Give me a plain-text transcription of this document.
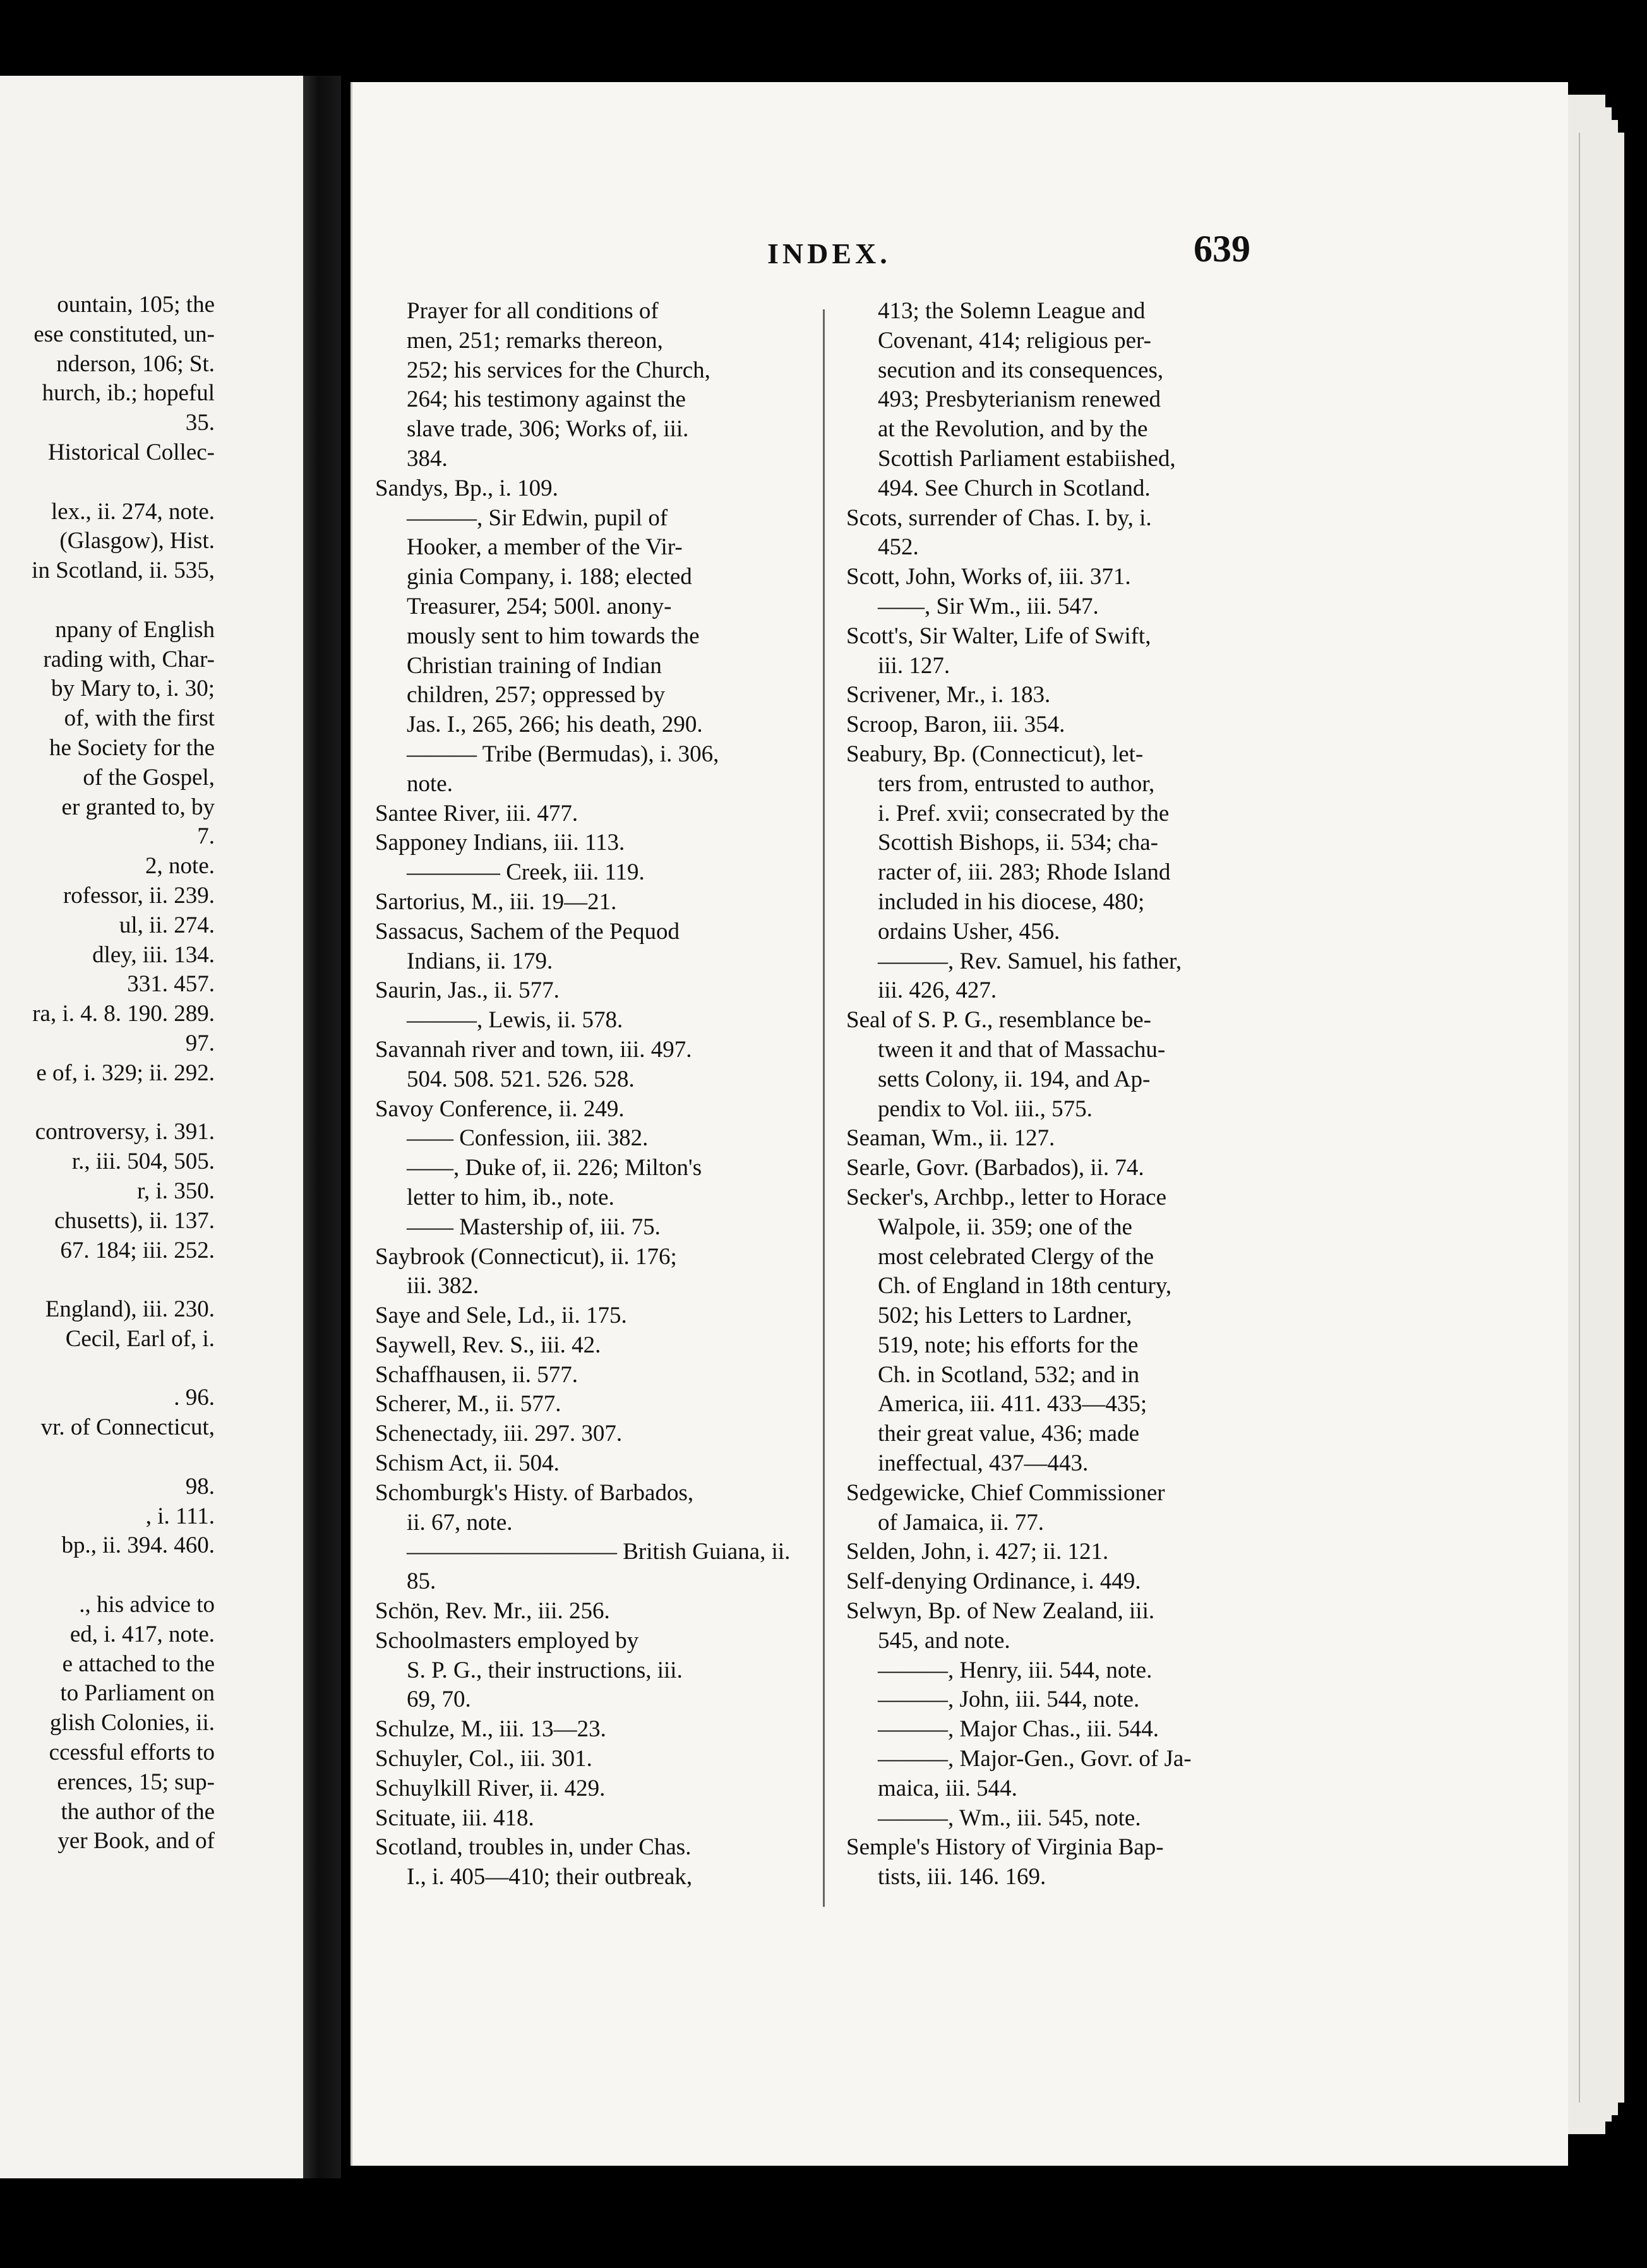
ountain, 105; the
ese constituted, un-
nderson, 106; St.
hurch, ib.; hopeful
35.
Historical Collec-
lex., ii. 274, note.
(Glasgow), Hist.
in Scotland, ii. 535,
npany of English
rading with, Char-
by Mary to, i. 30;
of, with the first
he Society for the
of the Gospel,
er granted to, by
7.
2, note.
rofessor, ii. 239.
ul, ii. 274.
dley, iii. 134.
331. 457.
ra, i. 4. 8. 190. 289.
97.
e of, i. 329; ii. 292.
controversy, i. 391.
r., iii. 504, 505.
r, i. 350.
chusetts), ii. 137.
67. 184; iii. 252.
England), iii. 230.
Cecil, Earl of, i.
. 96.
vr. of Connecticut,
98.
, i. 111.
bp., ii. 394. 460.
., his advice to
ed, i. 417, note.
e attached to the
to Parliament on
glish Colonies, ii.
ccessful efforts to
erences, 15; sup-
the author of the
yer Book, and of
INDEX.	639
Prayer for all conditions of
men, 251; remarks thereon,
252; his services for the Church,
264; his testimony against the
slave trade, 306; Works of, iii.
384.
Sandys, Bp., i. 109.
———, Sir Edwin, pupil of
Hooker, a member of the Vir-
ginia Company, i. 188; elected
Treasurer, 254; 500l. anony-
mously sent to him towards the
Christian training of Indian
children, 257; oppressed by
Jas. I., 265, 266; his death, 290.
——— Tribe (Bermudas), i. 306,
note.
Santee River, iii. 477.
Sapponey Indians, iii. 113.
———— Creek, iii. 119.
Sartorius, M., iii. 19—21.
Sassacus, Sachem of the Pequod
Indians, ii. 179.
Saurin, Jas., ii. 577.
———, Lewis, ii. 578.
Savannah river and town, iii. 497.
504. 508. 521. 526. 528.
Savoy Conference, ii. 249.
—— Confession, iii. 382.
——, Duke of, ii. 226; Milton's
letter to him, ib., note.
—— Mastership of, iii. 75.
Saybrook (Connecticut), ii. 176;
iii. 382.
Saye and Sele, Ld., ii. 175.
Saywell, Rev. S., iii. 42.
Schaffhausen, ii. 577.
Scherer, M., ii. 577.
Schenectady, iii. 297. 307.
Schism Act, ii. 504.
Schomburgk's Histy. of Barbados,
ii. 67, note.
————————— British Guiana, ii.
85.
Schön, Rev. Mr., iii. 256.
Schoolmasters employed by
S. P. G., their instructions, iii.
69, 70.
Schulze, M., iii. 13—23.
Schuyler, Col., iii. 301.
Schuylkill River, ii. 429.
Scituate, iii. 418.
Scotland, troubles in, under Chas.
I., i. 405—410; their outbreak,
413; the Solemn League and
Covenant, 414; religious per-
secution and its consequences,
493; Presbyterianism renewed
at the Revolution, and by the
Scottish Parliament estabiished,
494. See Church in Scotland.
Scots, surrender of Chas. I. by, i.
452.
Scott, John, Works of, iii. 371.
——, Sir Wm., iii. 547.
Scott's, Sir Walter, Life of Swift,
iii. 127.
Scrivener, Mr., i. 183.
Scroop, Baron, iii. 354.
Seabury, Bp. (Connecticut), let-
ters from, entrusted to author,
i. Pref. xvii; consecrated by the
Scottish Bishops, ii. 534; cha-
racter of, iii. 283; Rhode Island
included in his diocese, 480;
ordains Usher, 456.
———, Rev. Samuel, his father,
iii. 426, 427.
Seal of S. P. G., resemblance be-
tween it and that of Massachu-
setts Colony, ii. 194, and Ap-
pendix to Vol. iii., 575.
Seaman, Wm., ii. 127.
Searle, Govr. (Barbados), ii. 74.
Secker's, Archbp., letter to Horace
Walpole, ii. 359; one of the
most celebrated Clergy of the
Ch. of England in 18th century,
502; his Letters to Lardner,
519, note; his efforts for the
Ch. in Scotland, 532; and in
America, iii. 411. 433—435;
their great value, 436; made
ineffectual, 437—443.
Sedgewicke, Chief Commissioner
of Jamaica, ii. 77.
Selden, John, i. 427; ii. 121.
Self-denying Ordinance, i. 449.
Selwyn, Bp. of New Zealand, iii.
545, and note.
———, Henry, iii. 544, note.
———, John, iii. 544, note.
———, Major Chas., iii. 544.
———, Major-Gen., Govr. of Ja-
maica, iii. 544.
———, Wm., iii. 545, note.
Semple's History of Virginia Bap-
tists, iii. 146. 169.
